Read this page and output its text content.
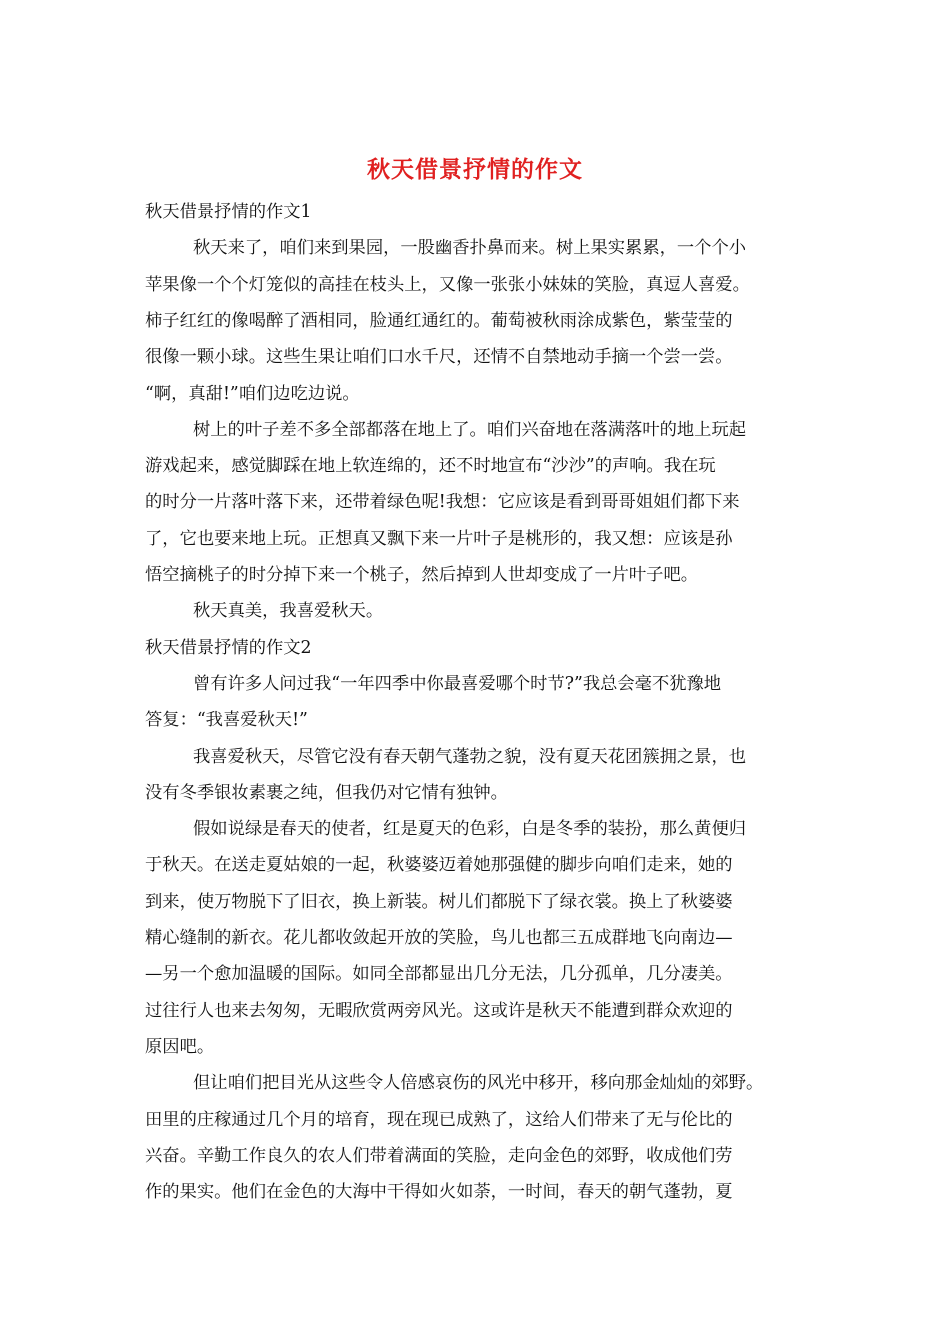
秋天借景抒情的作文
秋天借景抒情的作文1
秋天来了，咱们来到果园，一股幽香扑鼻而来。树上果实累累，一个个小
苹果像一个个灯笼似的高挂在枝头上，又像一张张小妹妹的笑脸，真逗人喜爱。
柿子红红的像喝醉了酒相同，脸通红通红的。葡萄被秋雨涂成紫色，紫莹莹的
很像一颗小球。这些生果让咱们口水千尺，还情不自禁地动手摘一个尝一尝。
“啊，真甜!”咱们边吃边说。
树上的叶子差不多全部都落在地上了。咱们兴奋地在落满落叶的地上玩起
游戏起来，感觉脚踩在地上软连绵的，还不时地宣布“沙沙”的声响。我在玩
的时分一片落叶落下来，还带着绿色呢!我想：它应该是看到哥哥姐姐们都下来
了，它也要来地上玩。正想真又飘下来一片叶子是桃形的，我又想：应该是孙
悟空摘桃子的时分掉下来一个桃子，然后掉到人世却变成了一片叶子吧。
秋天真美，我喜爱秋天。
秋天借景抒情的作文2
曾有许多人问过我“一年四季中你最喜爱哪个时节?”我总会毫不犹豫地
答复：“我喜爱秋天!”
我喜爱秋天，尽管它没有春天朝气蓬勃之貌，没有夏天花团簇拥之景，也
没有冬季银妆素裹之纯，但我仍对它情有独钟。
假如说绿是春天的使者，红是夏天的色彩，白是冬季的装扮，那么黄便归
于秋天。在送走夏姑娘的一起，秋婆婆迈着她那强健的脚步向咱们走来，她的
到来，使万物脱下了旧衣，换上新装。树儿们都脱下了绿衣裳。换上了秋婆婆
精心缝制的新衣。花儿都收敛起开放的笑脸，鸟儿也都三五成群地飞向南边—
—另一个愈加温暖的国际。如同全部都显出几分无法，几分孤单，几分凄美。
过往行人也来去匆匆，无暇欣赏两旁风光。这或许是秋天不能遭到群众欢迎的
原因吧。
但让咱们把目光从这些令人倍感哀伤的风光中移开，移向那金灿灿的郊野。
田里的庄稼通过几个月的培育，现在现已成熟了，这给人们带来了无与伦比的
兴奋。辛勤工作良久的农人们带着满面的笑脸，走向金色的郊野，收成他们劳
作的果实。他们在金色的大海中干得如火如荼，一时间，春天的朝气蓬勃，夏
